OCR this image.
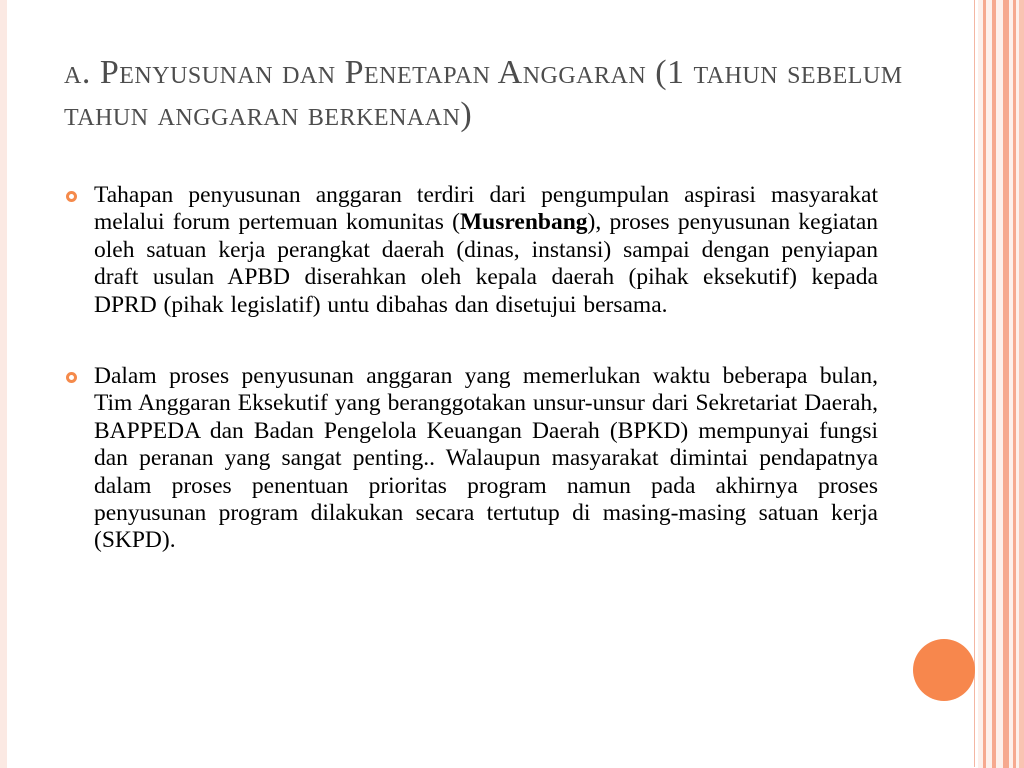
a. Penyusunan dan Penetapan Anggaran (1 tahun sebelum tahun anggaran berkenaan)

Tahapan penyusunan anggaran terdiri dari pengumpulan aspirasi masyarakat melalui forum pertemuan komunitas (Musrenbang), proses penyusunan kegiatan oleh satuan kerja perangkat daerah (dinas, instansi) sampai dengan penyiapan draft usulan APBD diserahkan oleh kepala daerah (pihak eksekutif) kepada DPRD (pihak legislatif) untu dibahas dan disetujui bersama.

Dalam proses penyusunan anggaran yang memerlukan waktu beberapa bulan, Tim Anggaran Eksekutif yang beranggotakan unsur-unsur dari Sekretariat Daerah, BAPPEDA dan Badan Pengelola Keuangan Daerah (BPKD) mempunyai fungsi dan peranan yang sangat penting.. Walaupun masyarakat dimintai pendapatnya dalam proses penentuan prioritas program namun pada akhirnya proses penyusunan program dilakukan secara tertutup di masing-masing satuan kerja (SKPD).
